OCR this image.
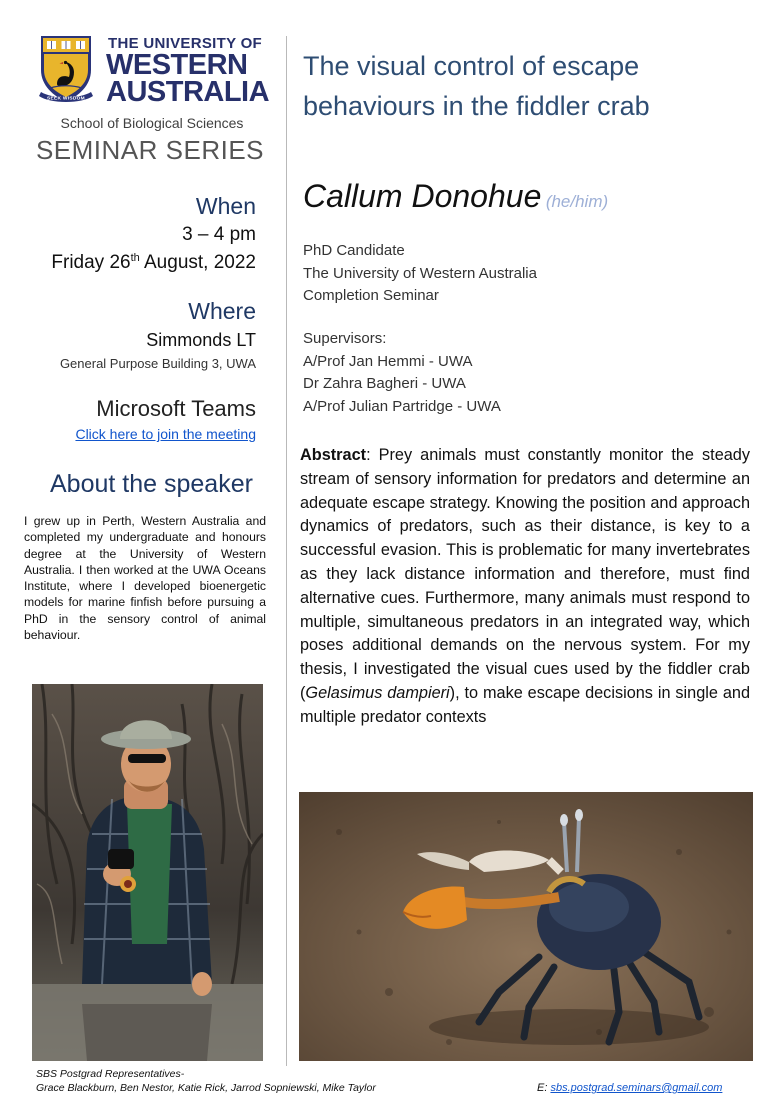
SEEK WISDOM
THE UNIVERSITY OF
WESTERN
AUSTRALIA
School of Biological Sciences
SEMINAR SERIES
When
3 – 4 pm
Friday 26th August, 2022
Where
Simmonds LT
General Purpose Building 3, UWA
Microsoft Teams
Click here to join the meeting
About the speaker
I grew up in Perth, Western Australia and completed my undergraduate and honours degree at the University of Western Australia. I then worked at the UWA Oceans Institute, where I developed bioenergetic models for marine finfish before pursuing a PhD in the sensory control of animal behaviour.
SBS Postgrad Representatives-
Grace Blackburn, Ben Nestor, Katie Rick, Jarrod Sopniewski, Mike Taylor	E: sbs.postgrad.seminars@gmail.com
The visual control of escape behaviours in the fiddler crab
Callum Donohue (he/him)
PhD Candidate
The University of Western Australia
Completion Seminar
Supervisors:
A/Prof Jan Hemmi - UWA
Dr Zahra Bagheri - UWA
A/Prof Julian Partridge - UWA
Abstract: Prey animals must constantly monitor the steady stream of sensory information for predators and determine an adequate escape strategy. Knowing the position and approach dynamics of predators, such as their distance, is key to a successful evasion. This is problematic for many invertebrates as they lack distance information and therefore, must find alternative cues. Furthermore, many animals must respond to multiple, simultaneous predators in an integrated way, which poses additional demands on the nervous system. For my thesis, I investigated the visual cues used by the fiddler crab (Gelasimus dampieri), to make escape decisions in single and multiple predator contexts
